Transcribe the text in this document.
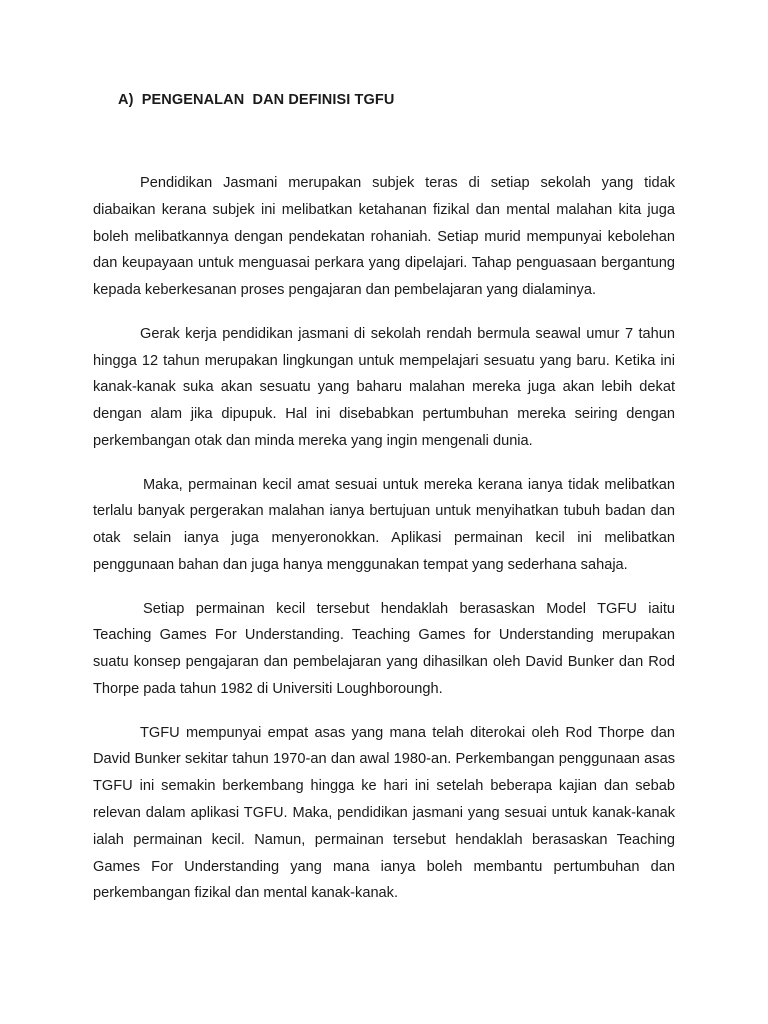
A)  PENGENALAN  DAN DEFINISI TGFU

Pendidikan Jasmani merupakan subjek teras di setiap sekolah yang tidak diabaikan kerana subjek ini melibatkan ketahanan fizikal dan mental malahan kita juga boleh melibatkannya dengan pendekatan rohaniah. Setiap murid mempunyai kebolehan dan keupayaan untuk menguasai perkara yang dipelajari. Tahap penguasaan bergantung kepada keberkesanan proses pengajaran dan pembelajaran yang dialaminya.

Gerak kerja pendidikan jasmani di sekolah rendah bermula seawal umur 7 tahun hingga 12 tahun merupakan lingkungan untuk mempelajari sesuatu yang baru. Ketika ini kanak-kanak suka akan sesuatu yang baharu malahan mereka juga akan lebih dekat dengan alam jika dipupuk. Hal ini disebabkan pertumbuhan mereka seiring dengan perkembangan otak dan minda mereka yang ingin mengenali dunia.

Maka, permainan kecil amat sesuai untuk mereka kerana ianya tidak melibatkan terlalu banyak pergerakan malahan ianya bertujuan untuk menyihatkan tubuh badan dan otak selain ianya juga menyeronokkan. Aplikasi permainan kecil ini melibatkan penggunaan bahan dan juga hanya menggunakan tempat yang sederhana sahaja.

Setiap permainan kecil tersebut hendaklah berasaskan Model TGFU iaitu Teaching Games For Understanding. Teaching Games for Understanding merupakan suatu konsep pengajaran dan pembelajaran yang dihasilkan oleh David Bunker dan Rod Thorpe pada tahun 1982 di Universiti Loughboroungh.

TGFU mempunyai empat asas yang mana telah diterokai oleh Rod Thorpe dan David Bunker sekitar tahun 1970-an dan awal 1980-an. Perkembangan penggunaan asas TGFU ini semakin berkembang hingga ke hari ini setelah beberapa kajian dan sebab relevan dalam aplikasi TGFU. Maka, pendidikan jasmani yang sesuai untuk kanak-kanak ialah permainan kecil. Namun, permainan tersebut hendaklah berasaskan Teaching Games For Understanding yang mana ianya boleh membantu pertumbuhan dan perkembangan fizikal dan mental kanak-kanak.
